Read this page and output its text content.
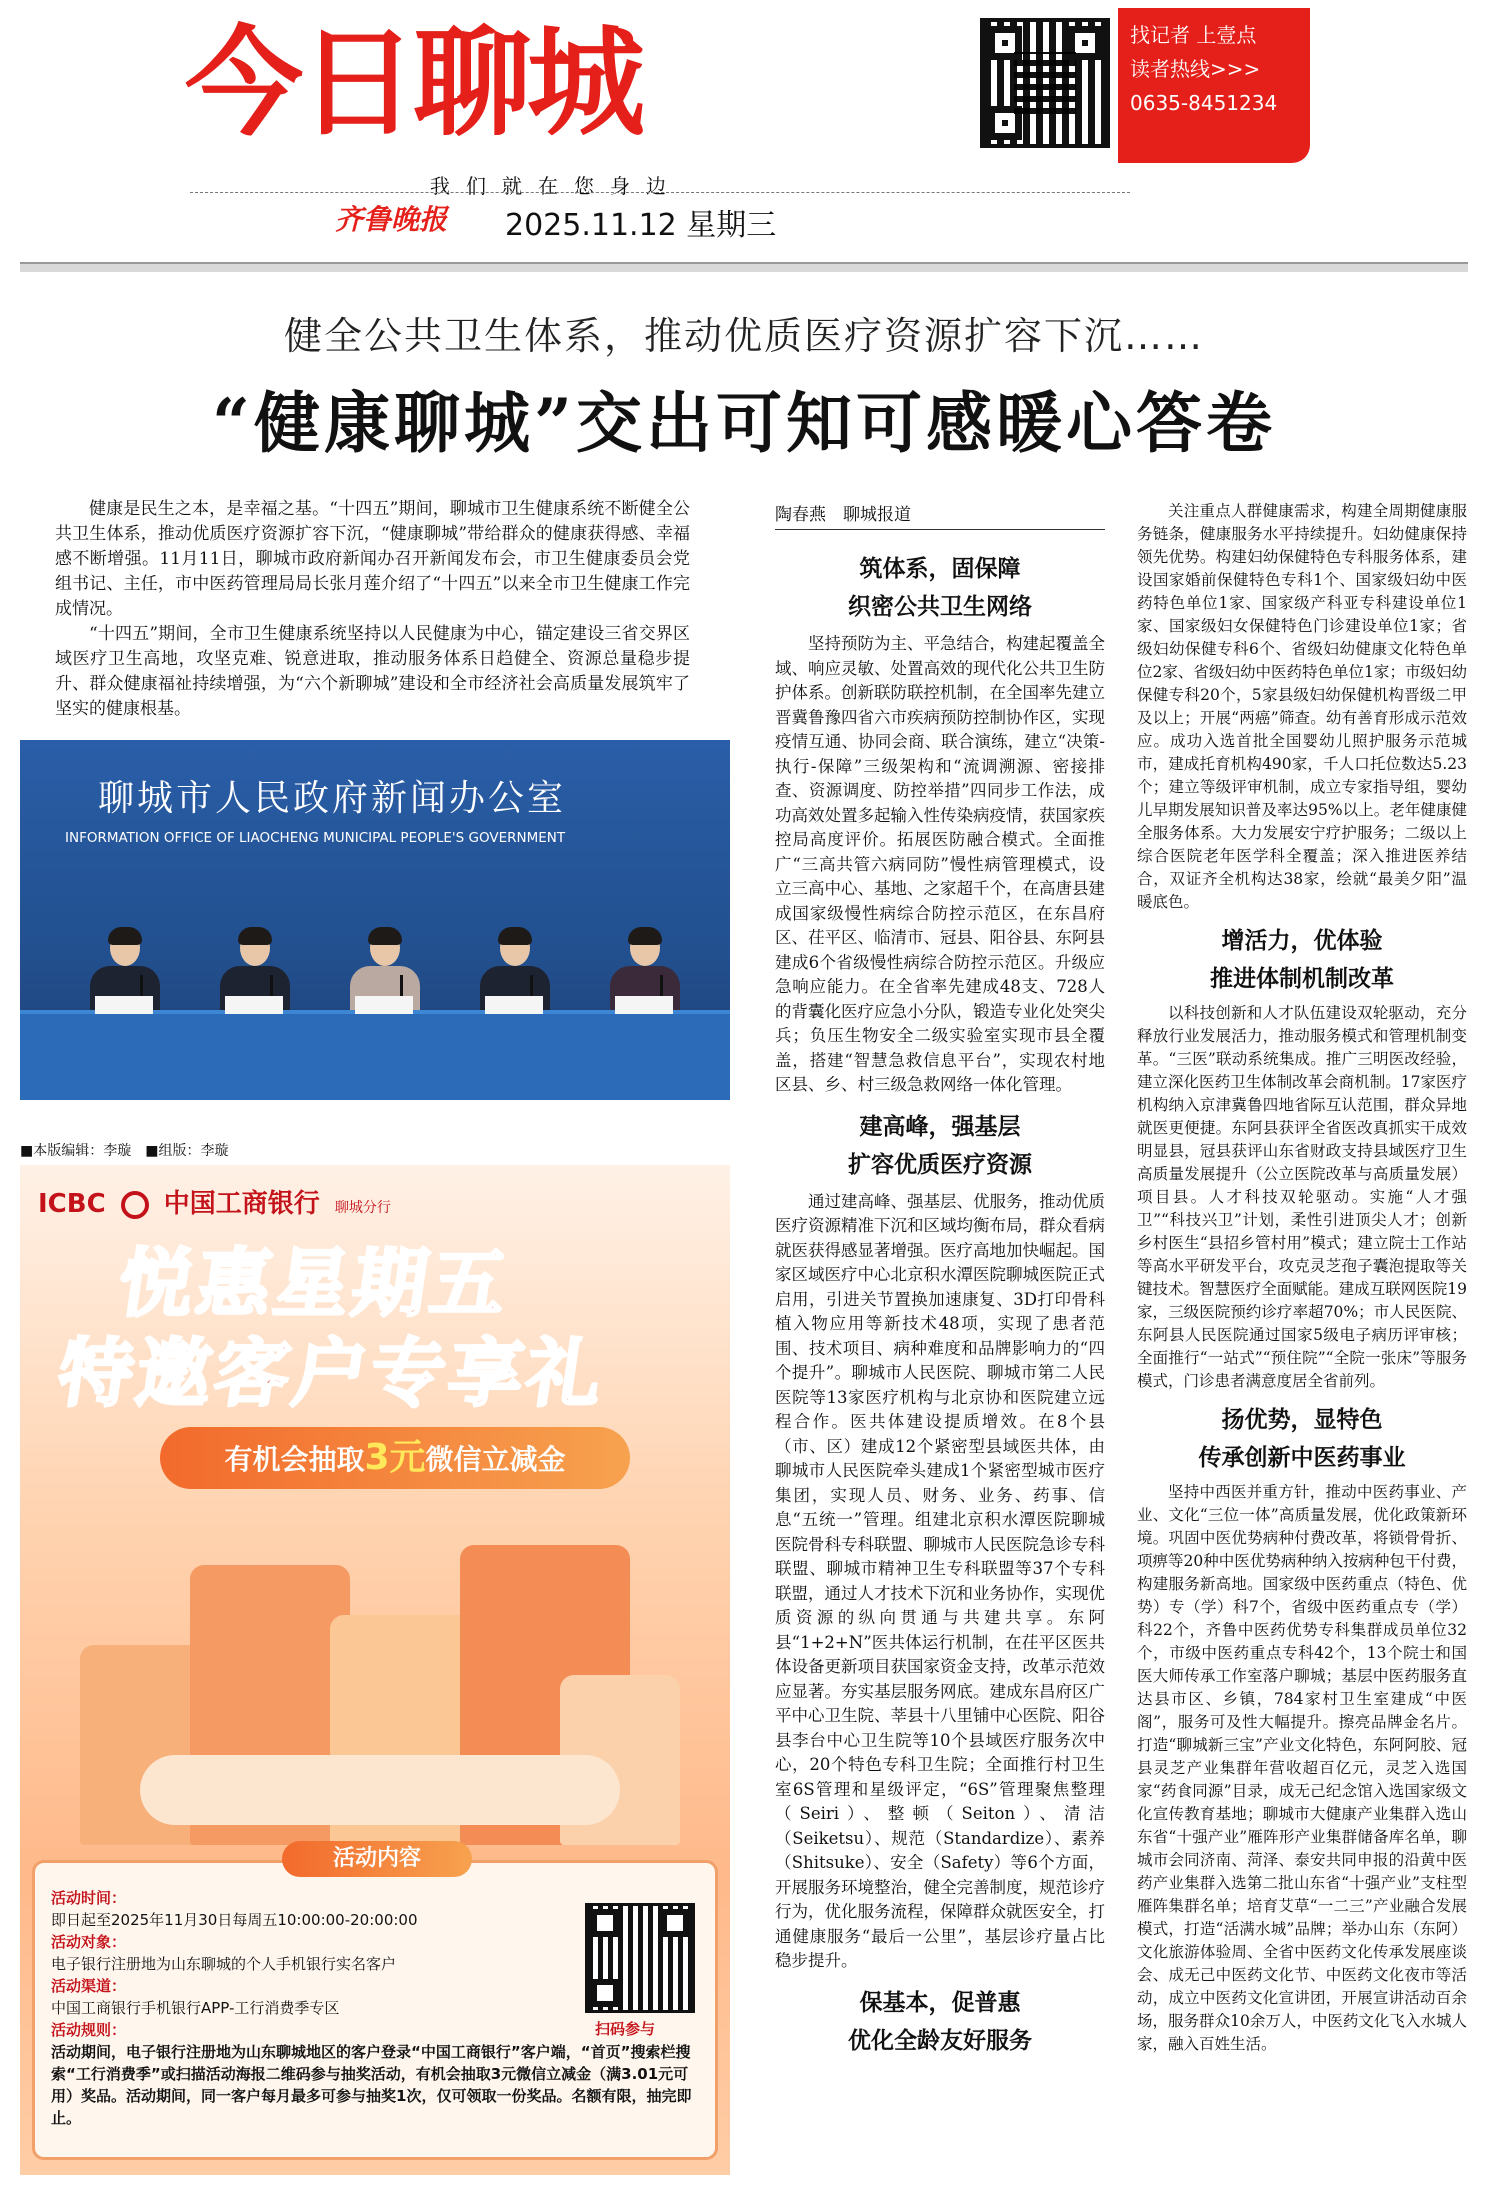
今日聊城	找记者 上壹点
读者热线>>>
0635-8451234
我们就在您身边
齐鲁晚报 2025.11.12 星期三
健全公共卫生体系，推动优质医疗资源扩容下沉……
“健康聊城”交出可知可感暖心答卷

健康是民生之本，是幸福之基。“十四五”期间，聊城市卫生健康系统不断健全公共卫生体系，推动优质医疗资源扩容下沉，“健康聊城”带给群众的健康获得感、幸福感不断增强。11月11日，聊城市政府新闻办召开新闻发布会，市卫生健康委员会党组书记、主任，市中医药管理局局长张月莲介绍了“十四五”以来全市卫生健康工作完成情况。

“十四五”期间，全市卫生健康系统坚持以人民健康为中心，锚定建设三省交界区域医疗卫生高地，攻坚克难、锐意进取，推动服务体系日趋健全、资源总量稳步提升、群众健康福祉持续增强，为“六个新聊城”建设和全市经济社会高质量发展筑牢了坚实的健康根基。

聊城市人民政府新闻办公室
INFORMATION OFFICE OF LIAOCHENG MUNICIPAL PEOPLE'S GOVERNMENT
■本版编辑：李璇　■组版：李璇
ICBC 中国工商银行 聊城分行
悦惠星期五
特邀客户专享礼
有机会抽取3元微信立减金
活动时间：
即日起至2025年11月30日每周五10:00:00-20:00:00
活动对象：
电子银行注册地为山东聊城的个人手机银行实名客户
活动渠道：
中国工商银行手机银行APP-工行消费季专区
活动规则：
活动期间，电子银行注册地为山东聊城地区的客户登录“中国工商银行”客户端，“首页”搜索栏搜索“工行消费季”或扫描活动海报二维码参与抽奖活动，有机会抽取3元微信立减金（满3.01元可用）奖品。活动期间，同一客户每月最多可参与抽奖1次，仅可领取一份奖品。名额有限，抽完即止。
扫码参与
活动内容
陶春燕　聊城报道
筑体系，固保障
织密公共卫生网络

坚持预防为主、平急结合，构建起覆盖全域、响应灵敏、处置高效的现代化公共卫生防护体系。创新联防联控机制，在全国率先建立晋冀鲁豫四省六市疾病预防控制协作区，实现疫情互通、协同会商、联合演练，建立“决策-执行-保障”三级架构和“流调溯源、密接排查、资源调度、防控举措”四同步工作法，成功高效处置多起输入性传染病疫情，获国家疾控局高度评价。拓展医防融合模式。全面推广“三高共管六病同防”慢性病管理模式，设立三高中心、基地、之家超千个，在高唐县建成国家级慢性病综合防控示范区，在东昌府区、茌平区、临清市、冠县、阳谷县、东阿县建成6个省级慢性病综合防控示范区。升级应急响应能力。在全省率先建成48支、728人的背囊化医疗应急小分队，锻造专业化处突尖兵；负压生物安全二级实验室实现市县全覆盖，搭建“智慧急救信息平台”，实现农村地区县、乡、村三级急救网络一体化管理。

建高峰，强基层
扩容优质医疗资源

通过建高峰、强基层、优服务，推动优质医疗资源精准下沉和区域均衡布局，群众看病就医获得感显著增强。医疗高地加快崛起。国家区域医疗中心北京积水潭医院聊城医院正式启用，引进关节置换加速康复、3D打印骨科植入物应用等新技术48项，实现了患者范围、技术项目、病种难度和品牌影响力的“四个提升”。聊城市人民医院、聊城市第二人民医院等13家医疗机构与北京协和医院建立远程合作。医共体建设提质增效。在8个县（市、区）建成12个紧密型县域医共体，由聊城市人民医院牵头建成1个紧密型城市医疗集团，实现人员、财务、业务、药事、信息“五统一”管理。组建北京积水潭医院聊城医院骨科专科联盟、聊城市人民医院急诊专科联盟、聊城市精神卫生专科联盟等37个专科联盟，通过人才技术下沉和业务协作，实现优质资源的纵向贯通与共建共享。东阿县“1+2+N”医共体运行机制，在茌平区医共体设备更新项目获国家资金支持，改革示范效应显著。夯实基层服务网底。建成东昌府区广平中心卫生院、莘县十八里铺中心医院、阳谷县李台中心卫生院等10个县域医疗服务次中心，20个特色专科卫生院；全面推行村卫生室6S管理和星级评定，“6S”管理聚焦整理（Seiri）、整顿（Seiton）、清洁（Seiketsu）、规范（Standardize）、素养（Shitsuke）、安全（Safety）等6个方面，开展服务环境整治，健全完善制度，规范诊疗行为，优化服务流程，保障群众就医安全，打通健康服务“最后一公里”，基层诊疗量占比稳步提升。

保基本，促普惠
优化全龄友好服务

关注重点人群健康需求，构建全周期健康服务链条，健康服务水平持续提升。妇幼健康保持领先优势。构建妇幼保健特色专科服务体系，建设国家婚前保健特色专科1个、国家级妇幼中医药特色单位1家、国家级产科亚专科建设单位1家、国家级妇女保健特色门诊建设单位1家；省级妇幼保健专科6个、省级妇幼健康文化特色单位2家、省级妇幼中医药特色单位1家；市级妇幼保健专科20个，5家县级妇幼保健机构晋级二甲及以上；开展“两癌”筛查。幼有善育形成示范效应。成功入选首批全国婴幼儿照护服务示范城市，建成托育机构490家，千人口托位数达5.23个；建立等级评审机制，成立专家指导组，婴幼儿早期发展知识普及率达95%以上。老年健康健全服务体系。大力发展安宁疗护服务；二级以上综合医院老年医学科全覆盖；深入推进医养结合，双证齐全机构达38家，绘就“最美夕阳”温暖底色。

增活力，优体验
推进体制机制改革

以科技创新和人才队伍建设双轮驱动，充分释放行业发展活力，推动服务模式和管理机制变革。“三医”联动系统集成。推广三明医改经验，建立深化医药卫生体制改革会商机制。17家医疗机构纳入京津冀鲁四地省际互认范围，群众异地就医更便捷。东阿县获评全省医改真抓实干成效明显县，冠县获评山东省财政支持县域医疗卫生高质量发展提升（公立医院改革与高质量发展）项目县。人才科技双轮驱动。实施“人才强卫”“科技兴卫”计划，柔性引进顶尖人才；创新乡村医生“县招乡管村用”模式；建立院士工作站等高水平研发平台，攻克灵芝孢子囊泡提取等关键技术。智慧医疗全面赋能。建成互联网医院19家，三级医院预约诊疗率超70%；市人民医院、东阿县人民医院通过国家5级电子病历评审核；全面推行“一站式”“预住院”“全院一张床”等服务模式，门诊患者满意度居全省前列。

扬优势，显特色
传承创新中医药事业

坚持中西医并重方针，推动中医药事业、产业、文化“三位一体”高质量发展，优化政策新环境。巩固中医优势病种付费改革，将锁骨骨折、项痹等20种中医优势病种纳入按病种包干付费，构建服务新高地。国家级中医药重点（特色、优势）专（学）科7个，省级中医药重点专（学）科22个，齐鲁中医药优势专科集群成员单位32个，市级中医药重点专科42个，13个院士和国医大师传承工作室落户聊城；基层中医药服务直达县市区、乡镇，784家村卫生室建成“中医阁”，服务可及性大幅提升。擦亮品牌金名片。打造“聊城新三宝”产业文化特色，东阿阿胶、冠县灵芝产业集群年营收超百亿元，灵芝入选国家“药食同源”目录，成无己纪念馆入选国家级文化宣传教育基地；聊城市大健康产业集群入选山东省“十强产业”雁阵形产业集群储备库名单，聊城市会同济南、菏泽、泰安共同申报的沿黄中医药产业集群入选第二批山东省“十强产业”支柱型雁阵集群名单；培育艾草“一二三”产业融合发展模式，打造“活满水城”品牌；举办山东（东阿）文化旅游体验周、全省中医药文化传承发展座谈会、成无己中医药文化节、中医药文化夜市等活动，成立中医药文化宣讲团，开展宣讲活动百余场，服务群众10余万人，中医药文化飞入水城人家，融入百姓生活。
